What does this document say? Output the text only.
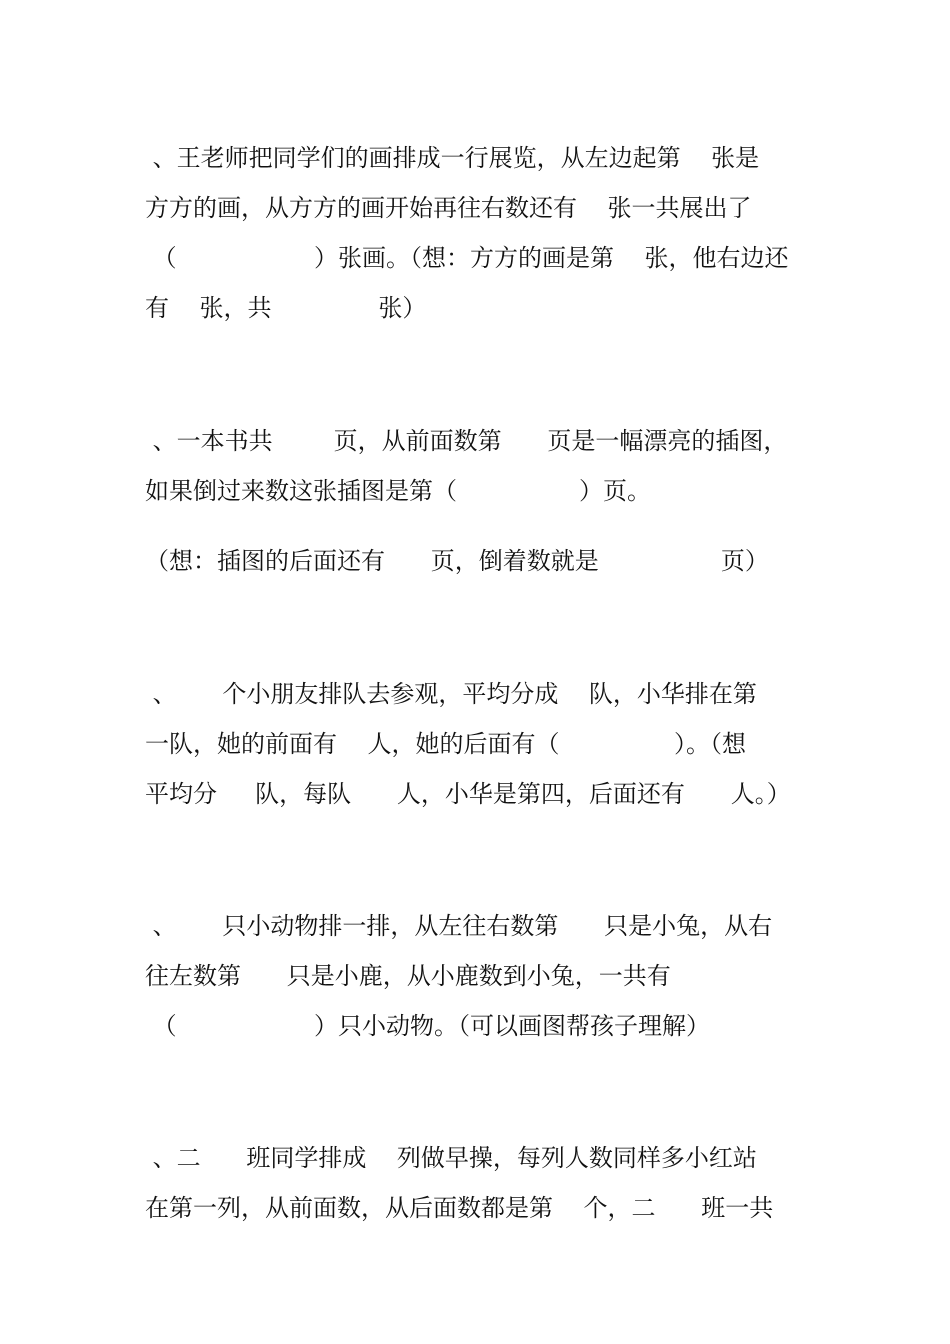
、王老师把同学们的画排成一行展览，从左边起第    张是
方方的画，从方方的画开始再往右数还有    张一共展出了
（                  ）张画。（想：方方的画是第    张，他右边还
有    张，共              张）
、一本书共        页，从前面数第      页是一幅漂亮的插图，
如果倒过来数这张插图是第（                ）页。
（想：插图的后面还有      页，倒着数就是                页）
、      个小朋友排队去参观，平均分成    队，小华排在第
一队，她的前面有    人，她的后面有（               ）。（想
平均分     队，每队      人，小华是第四，后面还有      人。）
、      只小动物排一排，从左往右数第      只是小兔，从右
往左数第      只是小鹿，从小鹿数到小兔，一共有
（                  ）只小动物。（可以画图帮孩子理解）
、二      班同学排成    列做早操，每列人数同样多小红站
在第一列，从前面数，从后面数都是第    个，二      班一共
